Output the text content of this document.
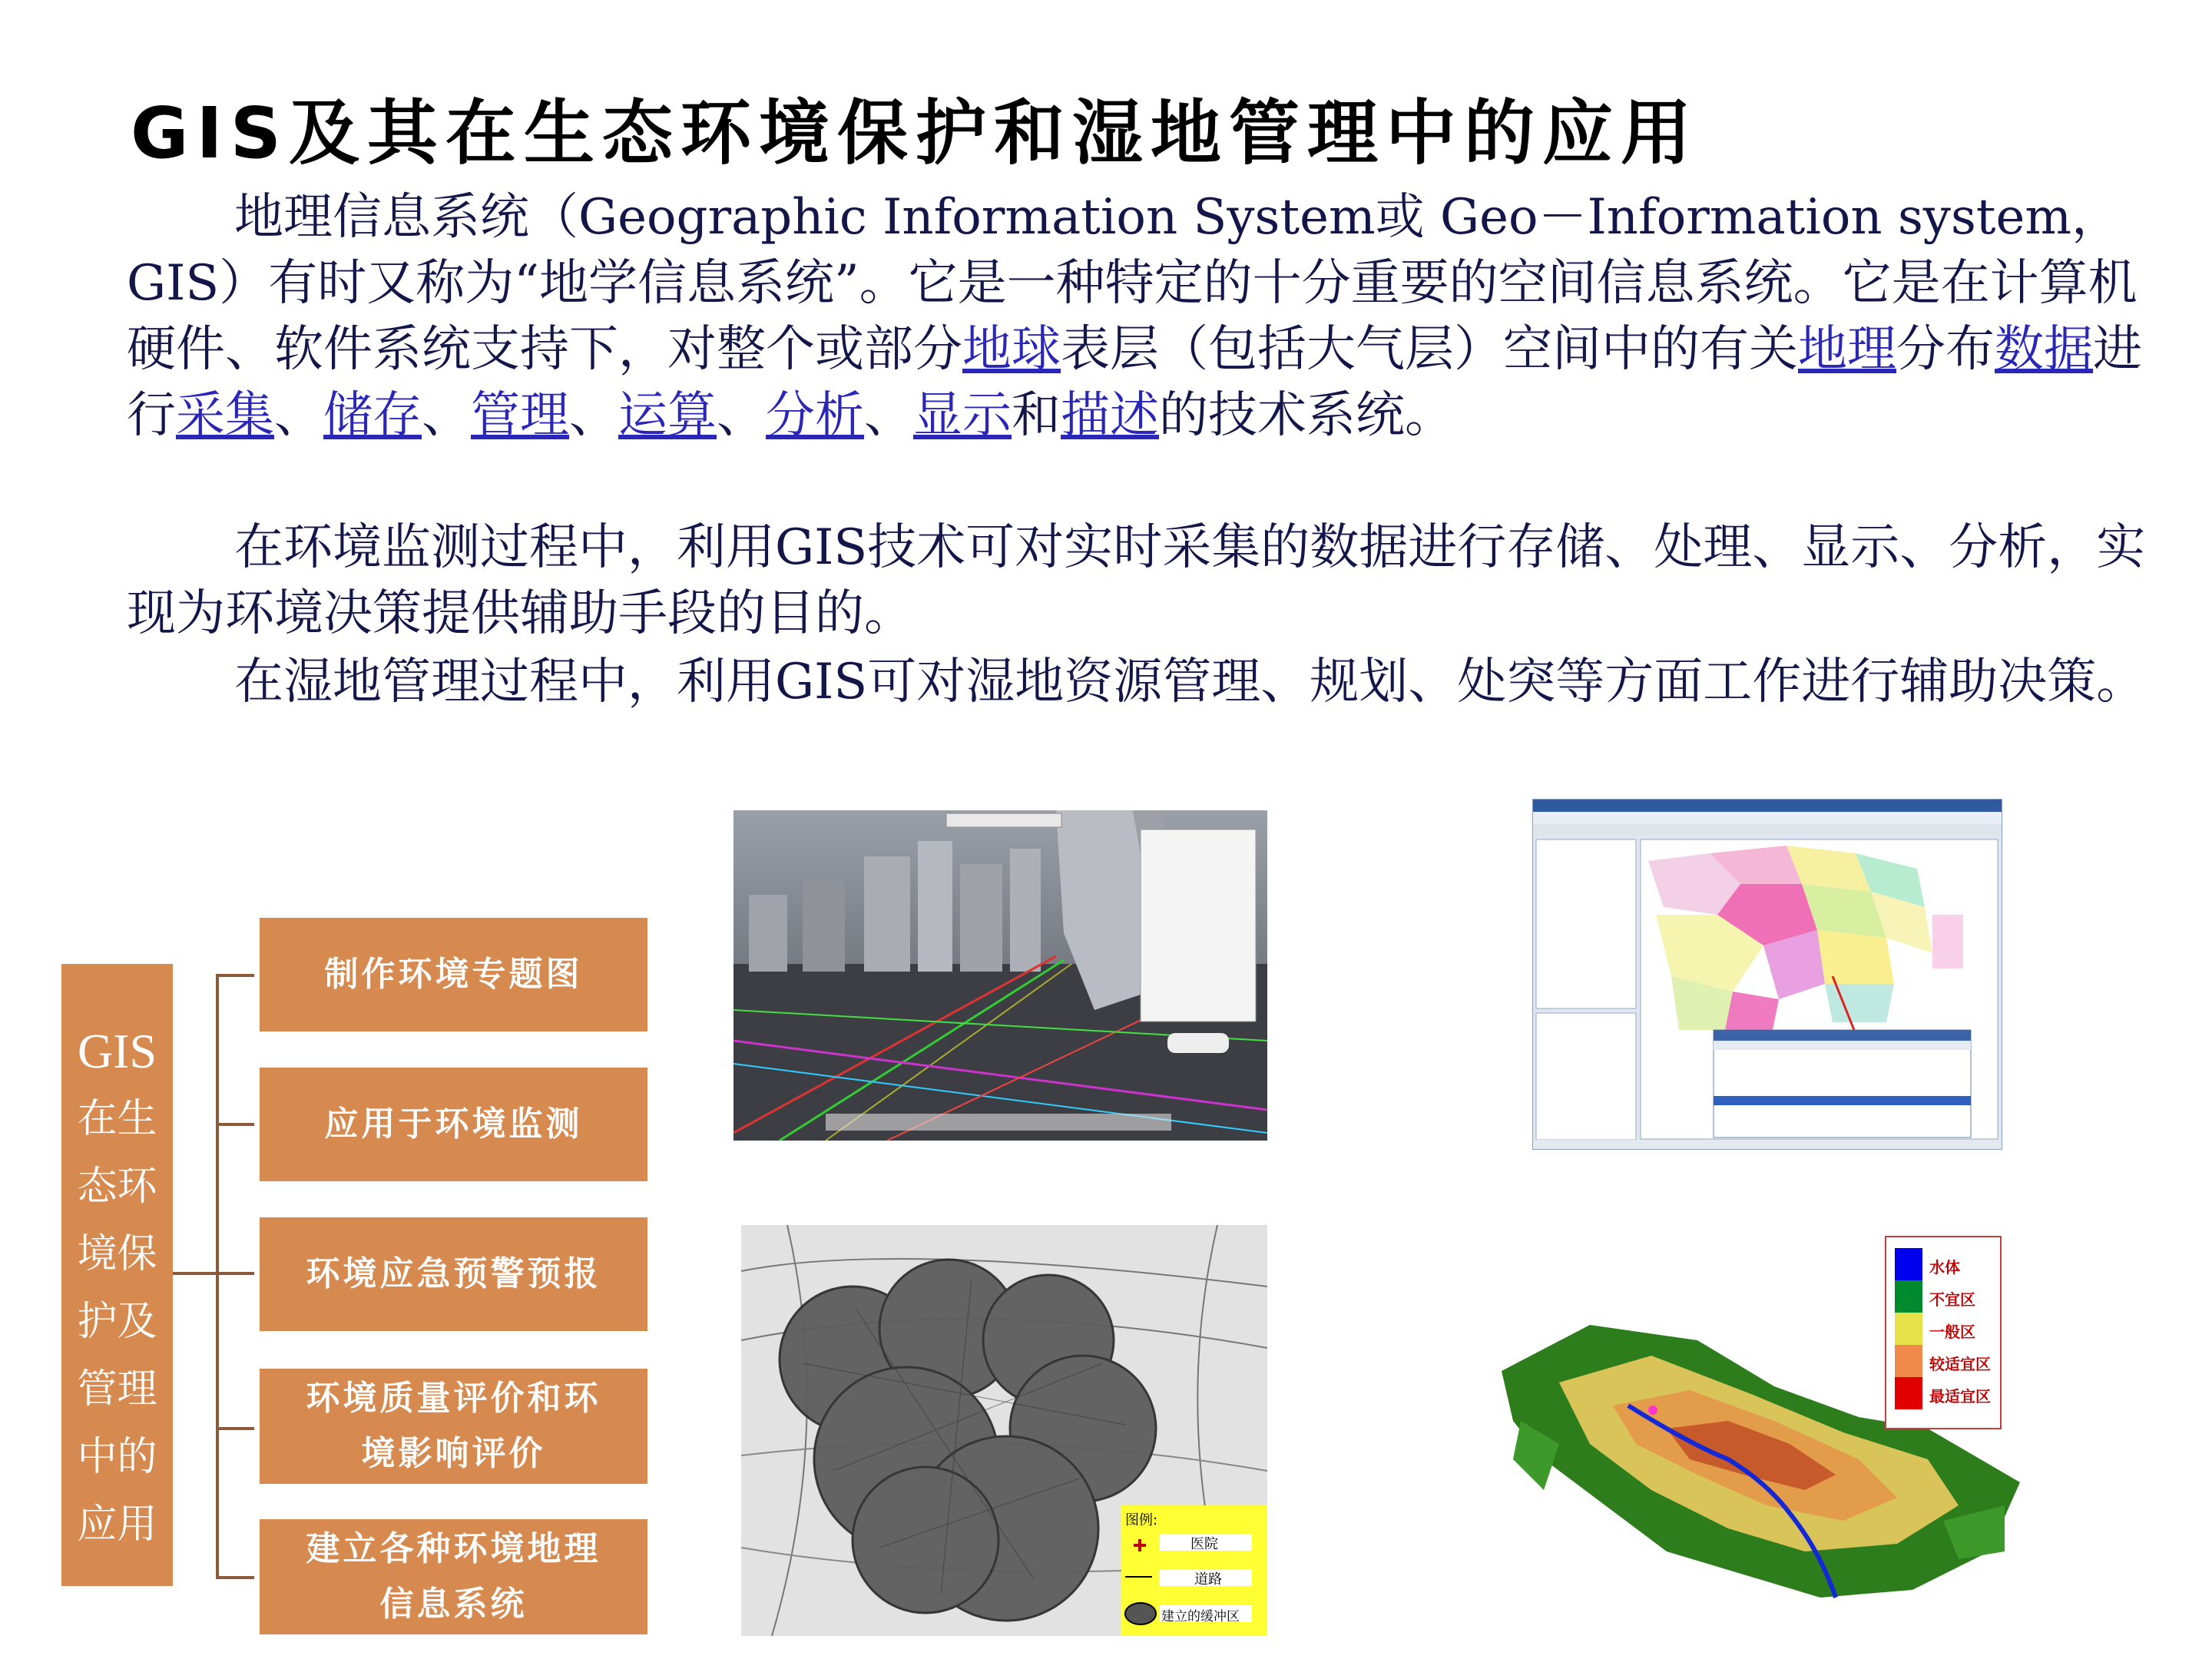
GIS及其在生态环境保护和湿地管理中的应用
地理信息系统（Geographic Information System或 Geo－Information system，GIS）有时又称为“地学信息系统”。它是一种特定的十分重要的空间信息系统。它是在计算机硬件、软件系统支持下，对整个或部分地球表层（包括大气层）空间中的有关地理分布数据进行采集、储存、管理、运算、分析、显示和描述的技术系统。
在环境监测过程中，利用GIS技术可对实时采集的数据进行存储、处理、显示、分析，实现为环境决策提供辅助手段的目的。
在湿地管理过程中，利用GIS可对湿地资源管理、规划、处突等方面工作进行辅助决策。
GIS
在生
态环
境保
护及
管理
中的
应用
制作环境专题图
应用于环境监测
环境应急预警预报
环境质量评价和环
境影响评价
建立各种环境地理
信息系统
图例:
医院
道路
建立的缓冲区
水体
不宜区
一般区
较适宜区
最适宜区
